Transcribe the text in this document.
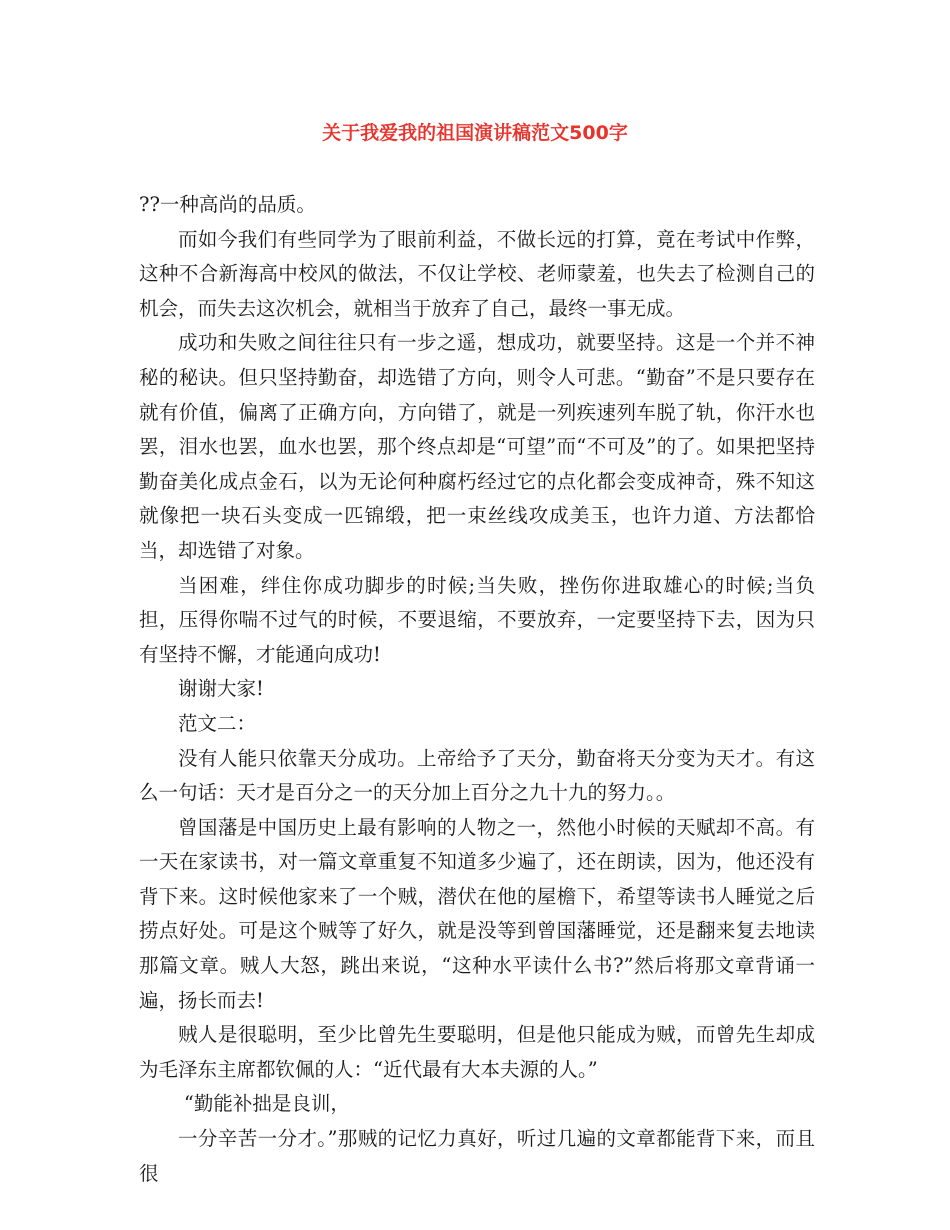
关于我爱我的祖国演讲稿范文500字

??一种高尚的品质。

而如今我们有些同学为了眼前利益，不做长远的打算，竟在考试中作弊，这种不合新海高中校风的做法，不仅让学校、老师蒙羞，也失去了检测自己的机会，而失去这次机会，就相当于放弃了自己，最终一事无成。

成功和失败之间往往只有一步之遥，想成功，就要坚持。这是一个并不神秘的秘诀。但只坚持勤奋，却选错了方向，则令人可悲。“勤奋”不是只要存在就有价值，偏离了正确方向，方向错了，就是一列疾速列车脱了轨，你汗水也罢，泪水也罢，血水也罢，那个终点却是“可望”而“不可及”的了。如果把坚持勤奋美化成点金石，以为无论何种腐朽经过它的点化都会变成神奇，殊不知这就像把一块石头变成一匹锦缎，把一束丝线攻成美玉，也许力道、方法都恰当，却选错了对象。

当困难，绊住你成功脚步的时候;当失败，挫伤你进取雄心的时候;当负担，压得你喘不过气的时候，不要退缩，不要放弃，一定要坚持下去，因为只有坚持不懈，才能通向成功!

谢谢大家!

范文二：

没有人能只依靠天分成功。上帝给予了天分，勤奋将天分变为天才。有这么一句话：天才是百分之一的天分加上百分之九十九的努力。。

曾国藩是中国历史上最有影响的人物之一，然他小时候的天赋却不高。有一天在家读书，对一篇文章重复不知道多少遍了，还在朗读，因为，他还没有背下来。这时候他家来了一个贼，潜伏在他的屋檐下，希望等读书人睡觉之后捞点好处。可是这个贼等了好久，就是没等到曾国藩睡觉，还是翻来复去地读那篇文章。贼人大怒，跳出来说，“这种水平读什么书?”然后将那文章背诵一遍，扬长而去!

贼人是很聪明，至少比曾先生要聪明，但是他只能成为贼，而曾先生却成为毛泽东主席都钦佩的人：“近代最有大本夫源的人。”

“勤能补拙是良训，

一分辛苦一分才。”那贼的记忆力真好，听过几遍的文章都能背下来，而且很
